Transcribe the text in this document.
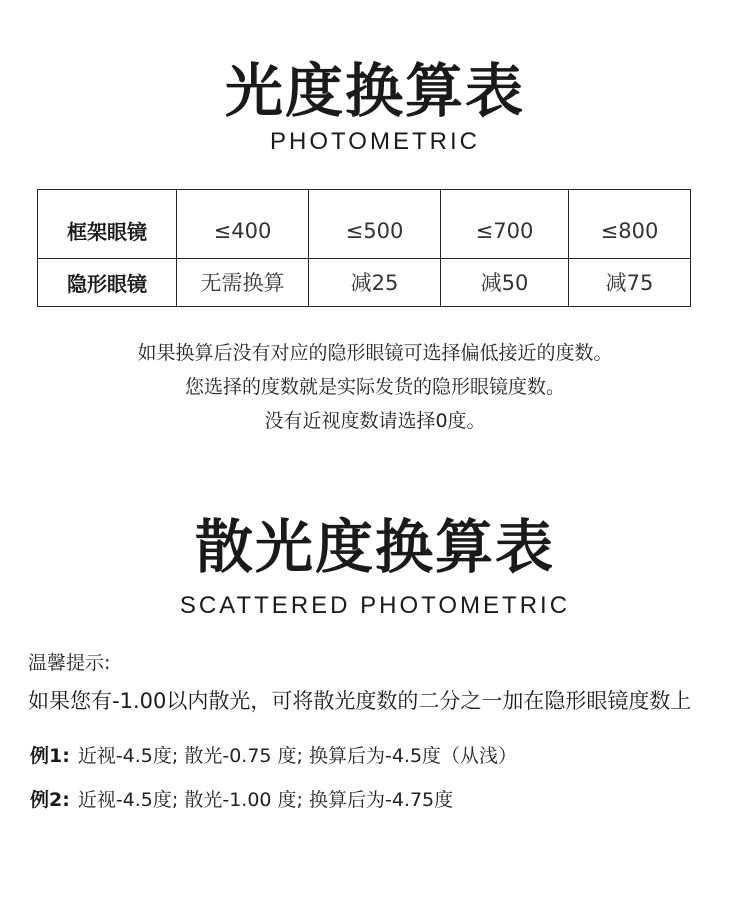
光度换算表
PHOTOMETRIC
框架眼镜	≤400	≤500	≤700	≤800
隐形眼镜	无需换算	减25	减50	减75

如果换算后没有对应的隐形眼镜可选择偏低接近的度数。

您选择的度数就是实际发货的隐形眼镜度数。

没有近视度数请选择0度。

散光度换算表
SCATTERED PHOTOMETRIC
温馨提示:
如果您有-1.00以内散光，可将散光度数的二分之一加在隐形眼镜度数上
例1: 近视-4.5度; 散光-0.75 度; 换算后为-4.5度（从浅）
例2: 近视-4.5度; 散光-1.00 度; 换算后为-4.75度
